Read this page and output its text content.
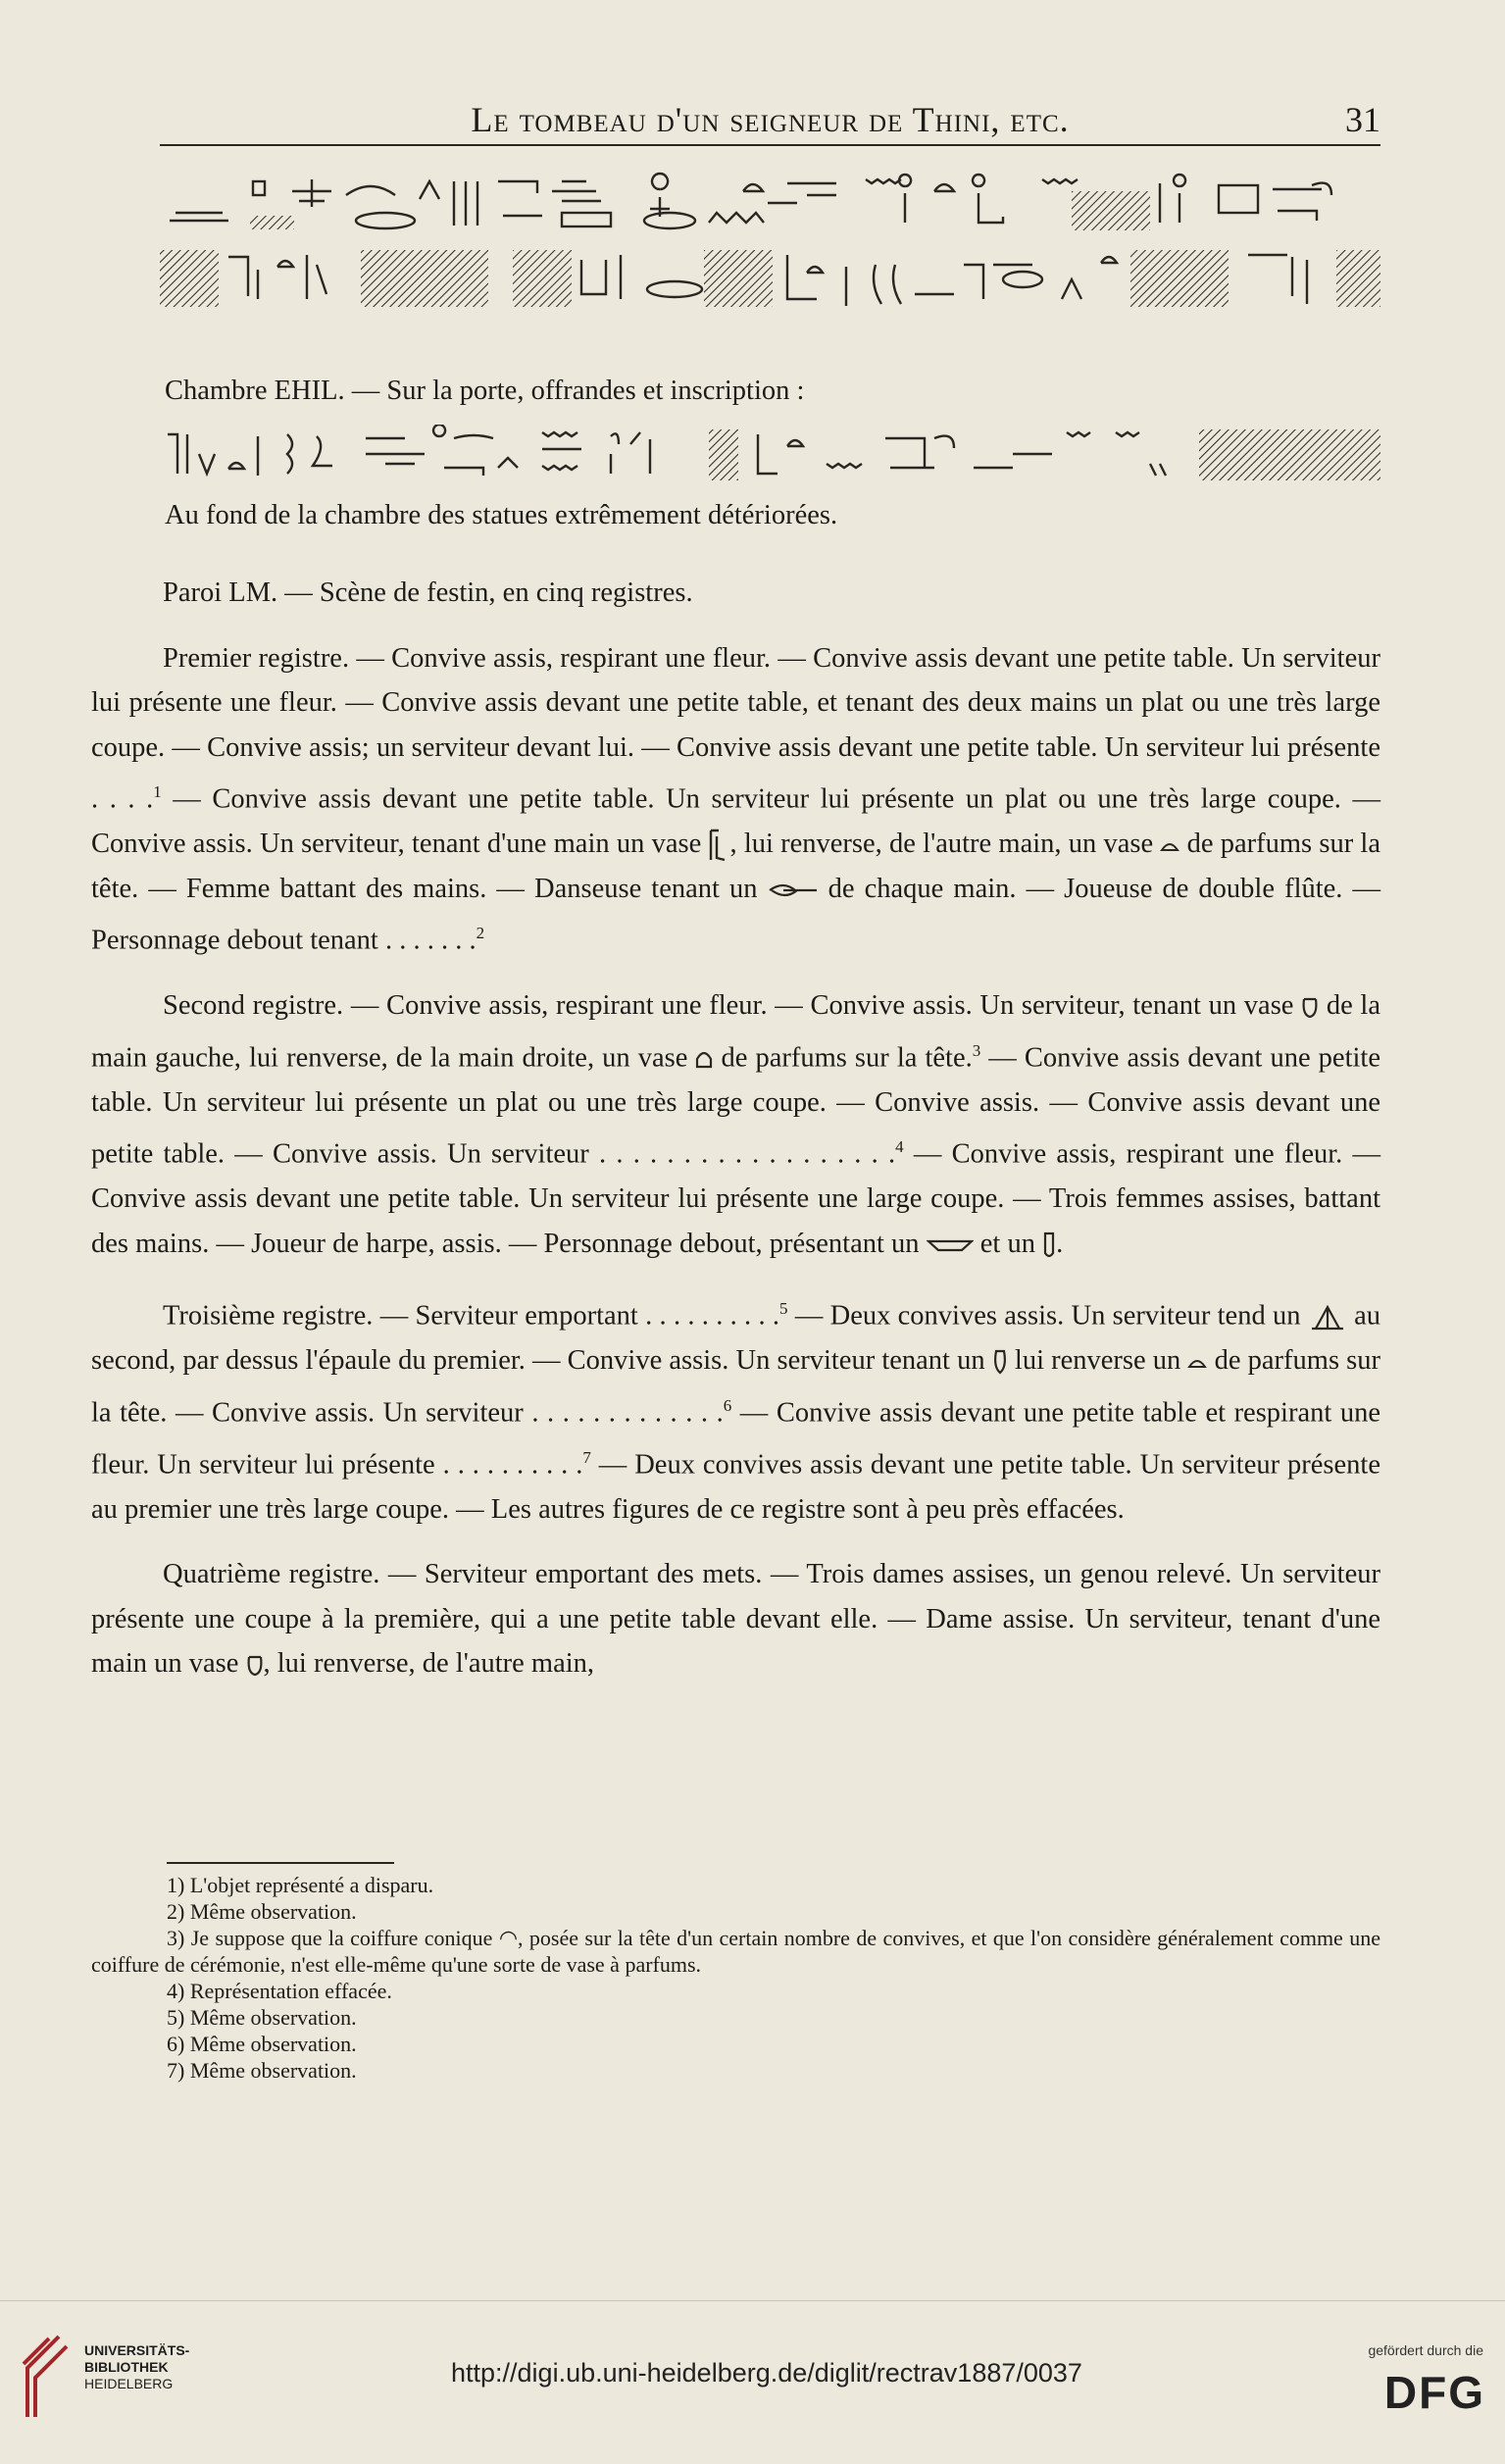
Le tombeau d'un seigneur de Thini, etc.	31
Chambre EHIL. — Sur la porte, offrandes et inscription :
Au fond de la chambre des statues extrêmement détériorées.

Paroi LM. — Scène de festin, en cinq registres.

Premier registre. — Convive assis, respirant une fleur. — Convive assis devant une petite table. Un serviteur lui présente une fleur. — Convive assis devant une petite table, et tenant des deux mains un plat ou une très large coupe. — Convive assis; un serviteur devant lui. — Convive assis devant une petite table. Un serviteur lui présente . . . .$^1$ — Convive assis devant une petite table. Un serviteur lui présente un plat ou une très large coupe. — Convive assis. Un serviteur, tenant d'une main un vase , lui renverse, de l'autre main, un vase  de parfums sur la tête. — Femme battant des mains. — Danseuse tenant un  de chaque main. — Joueuse de double flûte. — Personnage debout tenant . . . . . . .$^2$

Second registre. — Convive assis, respirant une fleur. — Convive assis. Un serviteur, tenant un vase  de la main gauche, lui renverse, de la main droite, un vase  de parfums sur la tête.$^3$ — Convive assis devant une petite table. Un serviteur lui présente un plat ou une très large coupe. — Convive assis. — Convive assis devant une petite table. — Convive assis. Un serviteur . . . . . . . . . . . . . . . . . .$^4$ — Convive assis, respirant une fleur. — Convive assis devant une petite table. Un serviteur lui présente une large coupe. — Trois femmes assises, battant des mains. — Joueur de harpe, assis. — Personnage debout, présentant un  et un .

Troisième registre. — Serviteur emportant . . . . . . . . . .$^5$ — Deux convives assis. Un serviteur tend un  au second, par dessus l'épaule du premier. — Convive assis. Un serviteur tenant un  lui renverse un  de parfums sur la tête. — Convive assis. Un serviteur . . . . . . . . . . . . .$^6$ — Convive assis devant une petite table et respirant une fleur. Un serviteur lui présente . . . . . . . . . .$^7$ — Deux convives assis devant une petite table. Un serviteur présente au premier une très large coupe. — Les autres figures de ce registre sont à peu près effacées.

Quatrième registre. — Serviteur emportant des mets. — Trois dames assises, un genou relevé. Un serviteur présente une coupe à la première, qui a une petite table devant elle. — Dame assise. Un serviteur, tenant d'une main un vase , lui renverse, de l'autre main,

1) L'objet représenté a disparu.
2) Même observation.
3) Je suppose que la coiffure conique ◠, posée sur la tête d'un certain nombre de convives, et que l'on considère généralement comme une coiffure de cérémonie, n'est elle-même qu'une sorte de vase à parfums.
4) Représentation effacée.
5) Même observation.
6) Même observation.
7) Même observation.
UNIVERSITÄTS-
BIBLIOTHEK
HEIDELBERG	http://digi.ub.uni-heidelberg.de/diglit/rectrav1887/0037
gefördert durch die
DFG
